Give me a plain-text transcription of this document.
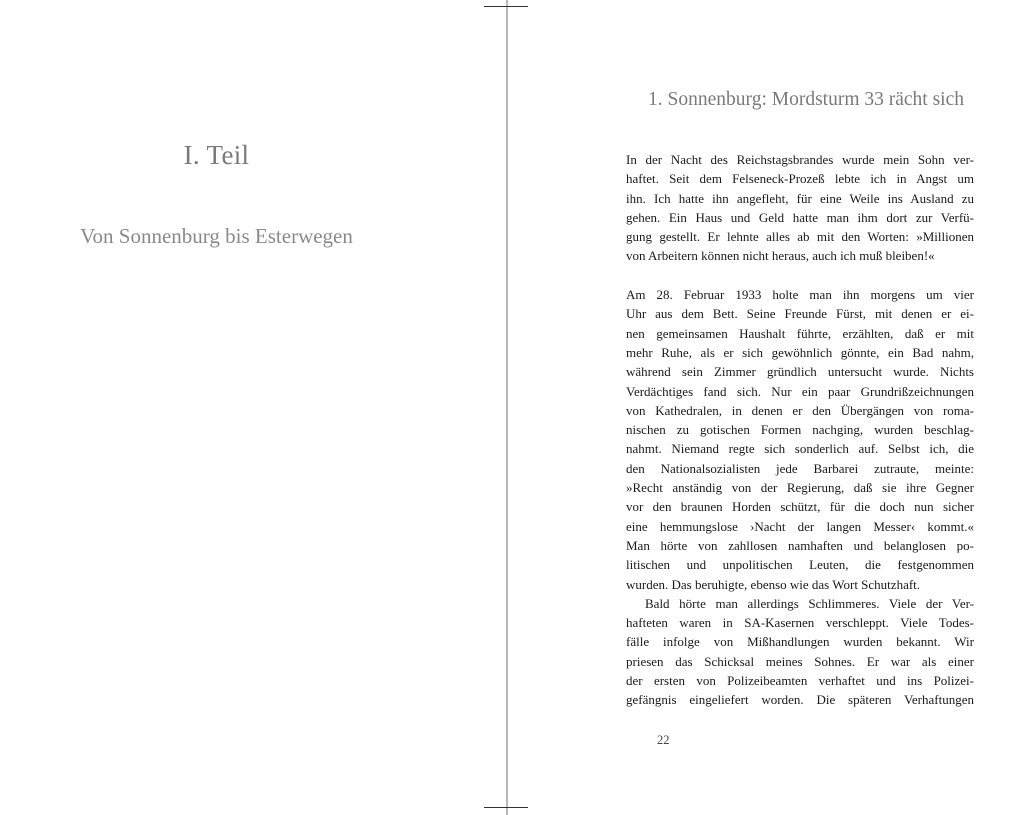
I. Teil
Von Sonnenburg bis Esterwegen
1. Sonnenburg: Mordsturm 33 rächt sich

In der Nacht des Reichstagsbrandes wurde mein Sohn ver-

haftet. Seit dem Felseneck-Prozeß lebte ich in Angst um

ihn. Ich hatte ihn angefleht, für eine Weile ins Ausland zu

gehen. Ein Haus und Geld hatte man ihm dort zur Verfü-

gung gestellt. Er lehnte alles ab mit den Worten: »Millionen

von Arbeitern können nicht heraus, auch ich muß bleiben!«

Am 28. Februar 1933 holte man ihn morgens um vier

Uhr aus dem Bett. Seine Freunde Fürst, mit denen er ei-

nen gemeinsamen Haushalt führte, erzählten, daß er mit

mehr Ruhe, als er sich gewöhnlich gönnte, ein Bad nahm,

während sein Zimmer gründlich untersucht wurde. Nichts

Verdächtiges fand sich. Nur ein paar Grundrißzeichnungen

von Kathedralen, in denen er den Übergängen von roma-

nischen zu gotischen Formen nachging, wurden beschlag-

nahmt. Niemand regte sich sonderlich auf. Selbst ich, die

den Nationalsozialisten jede Barbarei zutraute, meinte:

»Recht anständig von der Regierung, daß sie ihre Gegner

vor den braunen Horden schützt, für die doch nun sicher

eine hemmungslose ›Nacht der langen Messer‹ kommt.«

Man hörte von zahllosen namhaften und belanglosen po-

litischen und unpolitischen Leuten, die festgenommen

wurden. Das beruhigte, ebenso wie das Wort Schutzhaft.

Bald hörte man allerdings Schlimmeres. Viele der Ver-

hafteten waren in SA-Kasernen verschleppt. Viele Todes-

fälle infolge von Mißhandlungen wurden bekannt. Wir

priesen das Schicksal meines Sohnes. Er war als einer

der ersten von Polizeibeamten verhaftet und ins Polizei-

gefängnis eingeliefert worden. Die späteren Verhaftungen

22
